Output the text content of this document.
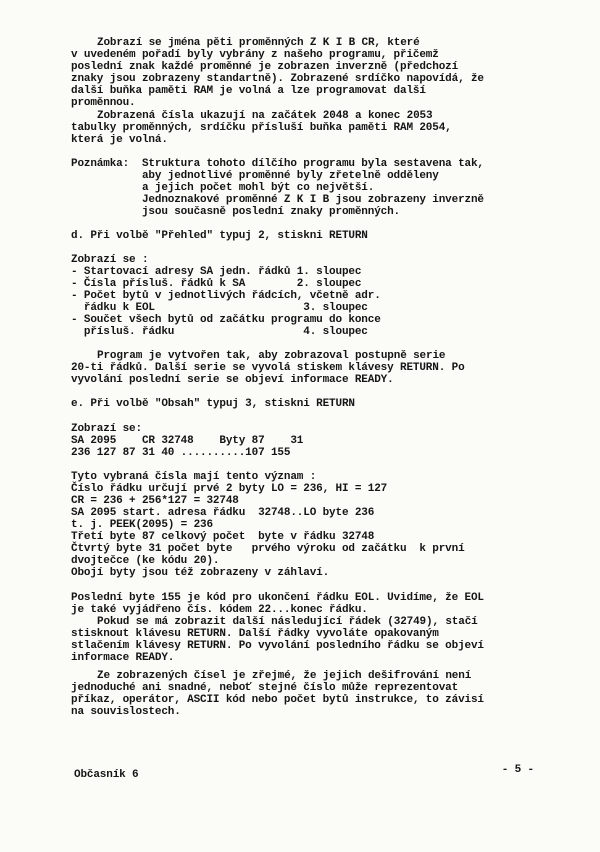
Zobrazí se jména pěti proměnných Z K I B CR, které
v uvedeném pořadí byly vybrány z našeho programu, přičemž
poslední znak každé proměnné je zobrazen inverzně (předchozí
znaky jsou zobrazeny standartně). Zobrazené srdíčko napovídá, že
další buňka paměti RAM je volná a lze programovat další
proměnnou.
Zobrazená čísla ukazují na začátek 2048 a konec 2053
tabulky proměnných, srdíčku přísluší buňka paměti RAM 2054,
která je volná.
Poznámka:  Struktura tohoto dílčího programu byla sestavena tak,
aby jednotlivé proměnné byly zřetelně odděleny
a jejich počet mohl být co největší.
Jednoznakové proměnné Z K I B jsou zobrazeny inverzně
jsou současně poslední znaky proměnných.
d. Při volbě "Přehled" typuj 2, stiskni RETURN
Zobrazí se :
- Startovací adresy SA jedn. řádků 1. sloupec
- Čísla přísluš. řádků k SA        2. sloupec
- Počet bytů v jednotlivých řádcích, včetně adr.
řádku k EOL                       3. sloupec
- Součet všech bytů od začátku programu do konce
přísluš. řádku                    4. sloupec
Program je vytvořen tak, aby zobrazoval postupně serie
20-ti řádků. Další serie se vyvolá stiskem klávesy RETURN. Po
vyvolání poslední serie se objeví informace READY.
e. Při volbě "Obsah" typuj 3, stiskni RETURN
Zobrazí se:
SA 2095    CR 32748    Byty 87    31
236 127 87 31 40 ..........107 155
Tyto vybraná čísla mají tento význam :
Číslo řádku určují prvé 2 byty LO = 236, HI = 127
CR = 236 + 256*127 = 32748
SA 2095 start. adresa řádku  32748..LO byte 236
t. j. PEEK(2095) = 236
Třetí byte 87 celkový počet  byte v řádku 32748
Čtvrtý byte 31 počet byte   prvého výroku od začátku  k první
dvojtečce (ke kódu 20).
Obojí byty jsou též zobrazeny v záhlaví.
Poslední byte 155 je kód pro ukončení řádku EOL. Uvidíme, že EOL
je také vyjádřeno čís. kódem 22...konec řádku.
Pokud se má zobrazit další následující řádek (32749), stačí
stisknout klávesu RETURN. Další řádky vyvoláte opakovaným
stlačením klávesy RETURN. Po vyvolání posledního řádku se objeví
informace READY.
Ze zobrazených čísel je zřejmé, že jejich dešifrování není
jednoduché ani snadné, neboť stejné číslo může reprezentovat
příkaz, operátor, ASCII kód nebo počet bytů instrukce, to závisí
na souvislostech.
Občasník 6	- 5 -
